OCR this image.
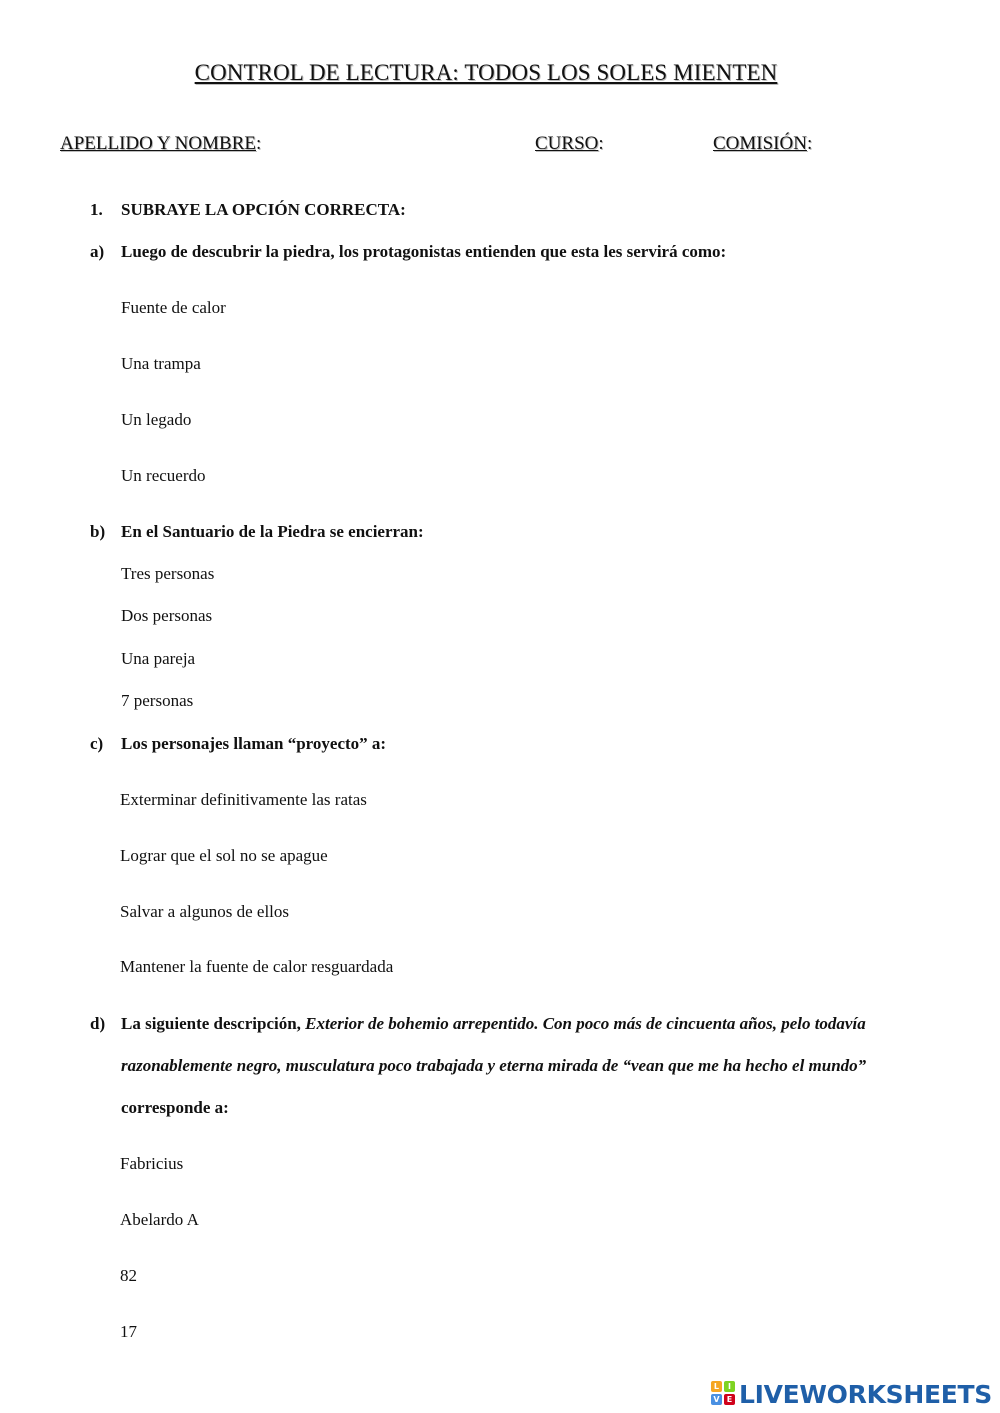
CONTROL DE LECTURA: TODOS LOS SOLES MIENTEN
APELLIDO Y NOMBRE:	CURSO:	COMISIÓN:
1. SUBRAYE LA OPCIÓN CORRECTA:
a) Luego de descubrir la piedra, los protagonistas entienden que esta les servirá como:
Fuente de calor
Una trampa
Un legado
Un recuerdo
b) En el Santuario de la Piedra se encierran:
Tres personas
Dos personas
Una pareja
7 personas
c) Los personajes llaman “proyecto” a:
Exterminar definitivamente las ratas
Lograr que el sol no se apague
Salvar a algunos de ellos
Mantener la fuente de calor resguardada
d) La siguiente descripción, Exterior de bohemio arrepentido. Con poco más de cincuenta años, pelo todavía
razonablemente negro, musculatura poco trabajada y eterna mirada de “vean que me ha hecho el mundo”
corresponde a:
Fabricius
Abelardo A
82
17
L	I
V E LIVEWORKSHEETS
